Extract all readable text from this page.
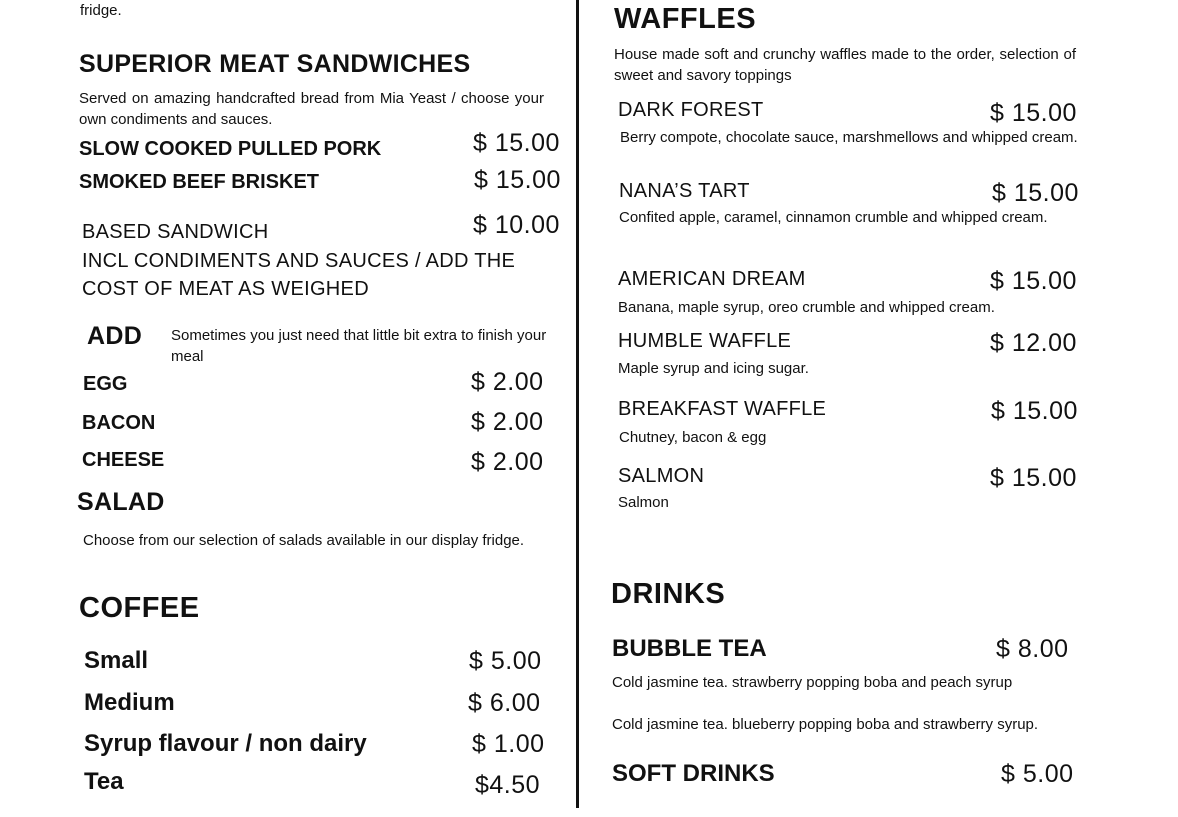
fridge.
SUPERIOR MEAT SANDWICHES
Served on amazing handcrafted bread from Mia Yeast / choose your own condiments and sauces.
SLOW COOKED PULLED PORK	$ 15.00
SMOKED BEEF BRISKET	$ 15.00
BASED SANDWICH	$ 10.00
INCL CONDIMENTS AND SAUCES / ADD THE
COST OF MEAT AS WEIGHED
ADD Sometimes you just need that little bit extra to finish your meal
EGG	$ 2.00
BACON	$ 2.00
CHEESE	$ 2.00
SALAD
Choose from our selection of salads available in our display fridge.
COFFEE
Small	$ 5.00
Medium	$ 6.00
Syrup flavour / non dairy	$ 1.00
Tea	$4.50
WAFFLES
House made soft and crunchy waffles made to the order, selection of sweet and savory toppings
DARK FOREST	$ 15.00
Berry compote, chocolate sauce, marshmellows and whipped cream.
NANA’S TART	$ 15.00
Confited apple, caramel, cinnamon crumble and whipped cream.
AMERICAN DREAM	$ 15.00
Banana, maple syrup, oreo crumble and whipped cream.
HUMBLE WAFFLE	$ 12.00
Maple syrup and icing sugar.
BREAKFAST WAFFLE	$ 15.00
Chutney, bacon & egg
SALMON	$ 15.00
Salmon
DRINKS
BUBBLE TEA	$ 8.00
Cold jasmine tea. strawberry popping boba and peach syrup
Cold jasmine tea. blueberry popping boba and strawberry syrup.
SOFT DRINKS	$ 5.00
